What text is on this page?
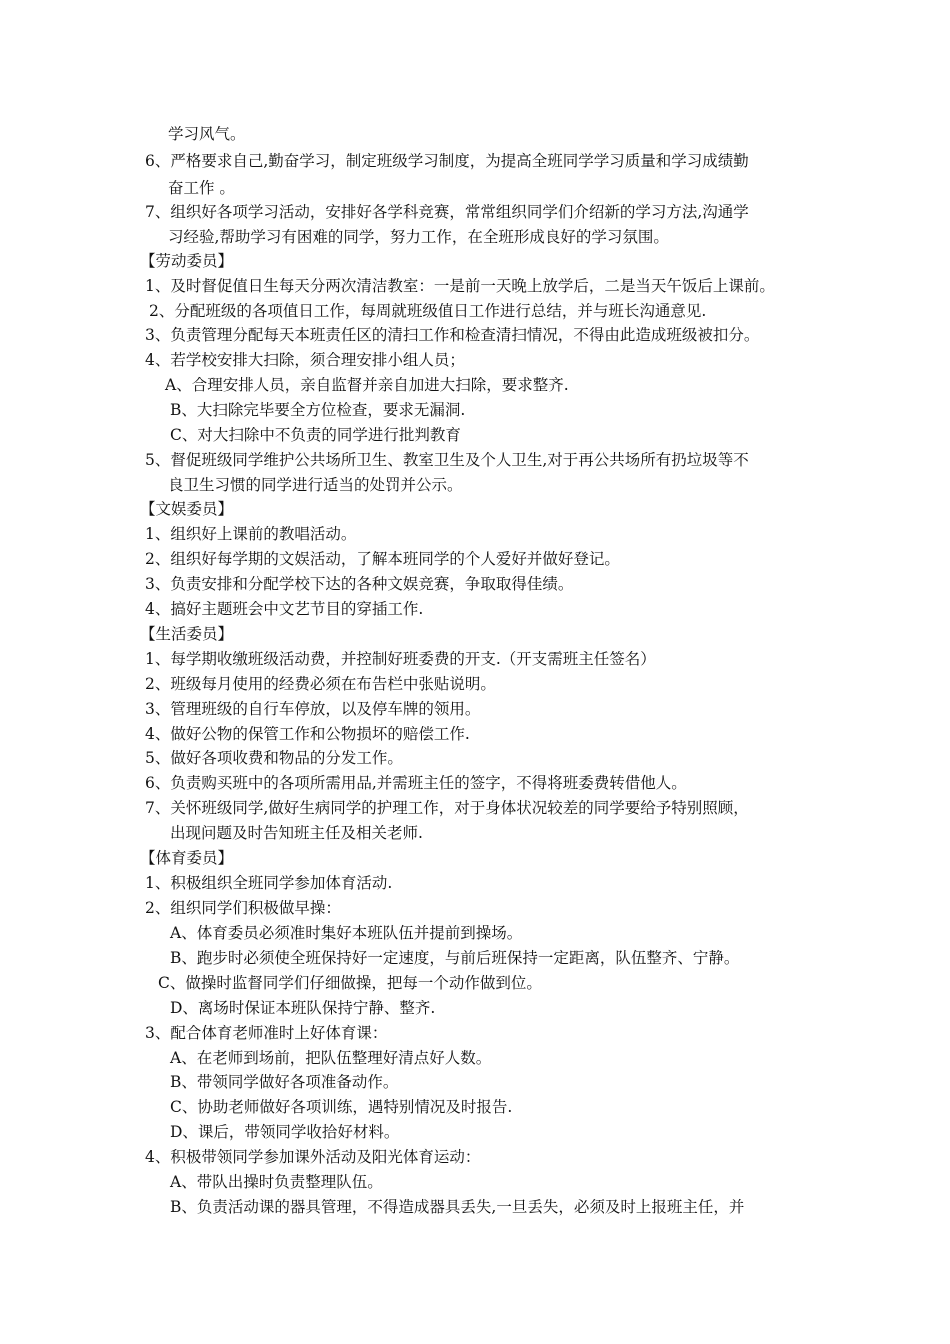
学习风气。
6、严格要求自己,勤奋学习，制定班级学习制度，为提高全班同学学习质量和学习成绩勤
奋工作 。
7、组织好各项学习活动，安排好各学科竞赛，常常组织同学们介绍新的学习方法,沟通学
习经验,帮助学习有困难的同学，努力工作，在全班形成良好的学习氛围。
【劳动委员】
1、及时督促值日生每天分两次清洁教室：一是前一天晚上放学后，二是当天午饭后上课前。
2、分配班级的各项值日工作，每周就班级值日工作进行总结，并与班长沟通意见.
3、负责管理分配每天本班责任区的清扫工作和检查清扫情况，不得由此造成班级被扣分。
4、若学校安排大扫除，须合理安排小组人员；
A、合理安排人员，亲自监督并亲自加进大扫除，要求整齐.
B、大扫除完毕要全方位检查，要求无漏洞.
C、对大扫除中不负责的同学进行批判教育
5、督促班级同学维护公共场所卫生、教室卫生及个人卫生,对于再公共场所有扔垃圾等不
良卫生习惯的同学进行适当的处罚并公示。
【文娱委员】
1、组织好上课前的教唱活动。
2、组织好每学期的文娱活动，了解本班同学的个人爱好并做好登记。
3、负责安排和分配学校下达的各种文娱竞赛，争取取得佳绩。
4、搞好主题班会中文艺节目的穿插工作.
【生活委员】
1、每学期收缴班级活动费，并控制好班委费的开支.（开支需班主任签名）
2、班级每月使用的经费必须在布告栏中张贴说明。
3、管理班级的自行车停放，以及停车牌的领用。
4、做好公物的保管工作和公物损坏的赔偿工作.
5、做好各项收费和物品的分发工作。
6、负责购买班中的各项所需用品,并需班主任的签字，不得将班委费转借他人。
7、关怀班级同学,做好生病同学的护理工作，对于身体状况较差的同学要给予特别照顾，
出现问题及时告知班主任及相关老师.
【体育委员】
1、积极组织全班同学参加体育活动.
2、组织同学们积极做早操：
A、体育委员必须准时集好本班队伍并提前到操场。
B、跑步时必须使全班保持好一定速度，与前后班保持一定距离，队伍整齐、宁静。
C、做操时监督同学们仔细做操，把每一个动作做到位。
D、离场时保证本班队保持宁静、整齐.
3、配合体育老师准时上好体育课：
A、在老师到场前，把队伍整理好清点好人数。
B、带领同学做好各项准备动作。
C、协助老师做好各项训练，遇特别情况及时报告.
D、课后，带领同学收拾好材料。
4、积极带领同学参加课外活动及阳光体育运动：
A、带队出操时负责整理队伍。
B、负责活动课的器具管理，不得造成器具丢失,一旦丢失，必须及时上报班主任，并
